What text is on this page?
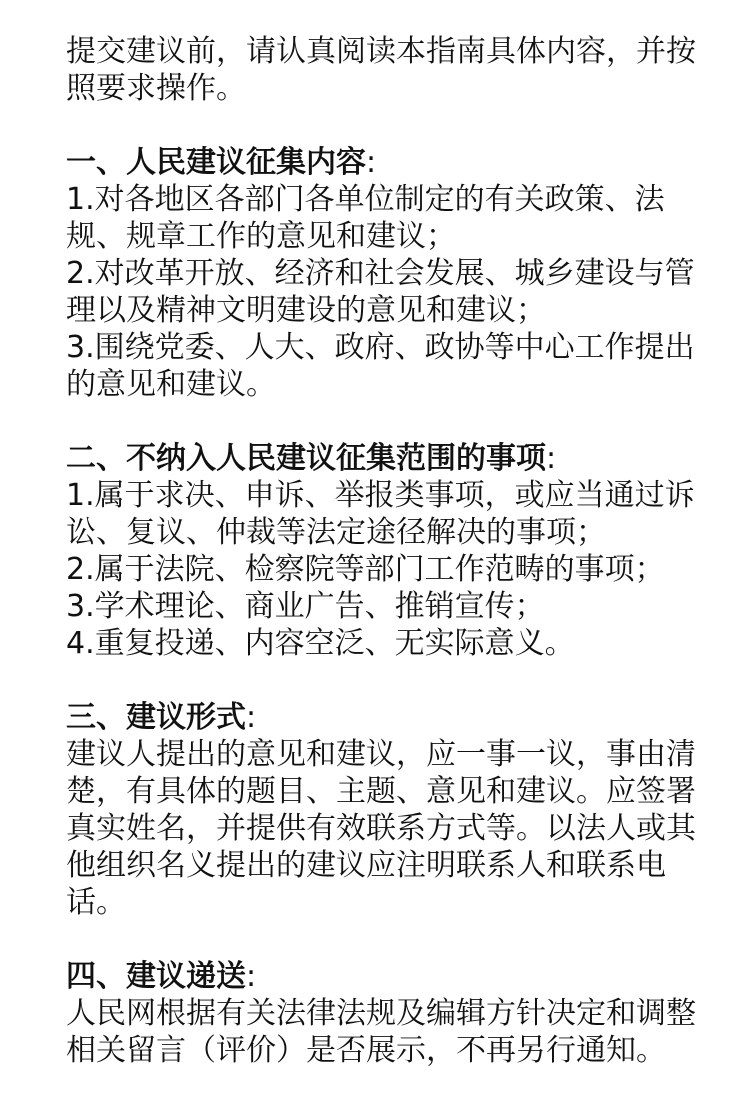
提交建议前，请认真阅读本指南具体内容，并按照要求操作。

一、人民建议征集内容:

1.对各地区各部门各单位制定的有关政策、法规、规章工作的意见和建议；

2.对改革开放、经济和社会发展、城乡建设与管理以及精神文明建设的意见和建议；

3.围绕党委、人大、政府、政协等中心工作提出的意见和建议。

二、不纳入人民建议征集范围的事项:

1.属于求决、申诉、举报类事项，或应当通过诉讼、复议、仲裁等法定途径解决的事项；

2.属于法院、检察院等部门工作范畴的事项；

3.学术理论、商业广告、推销宣传；

4.重复投递、内容空泛、无实际意义。

三、建议形式:

建议人提出的意见和建议，应一事一议，事由清楚，有具体的题目、主题、意见和建议。应签署真实姓名，并提供有效联系方式等。以法人或其他组织名义提出的建议应注明联系人和联系电话。

四、建议递送:

人民网根据有关法律法规及编辑方针决定和调整相关留言（评价）是否展示，不再另行通知。
